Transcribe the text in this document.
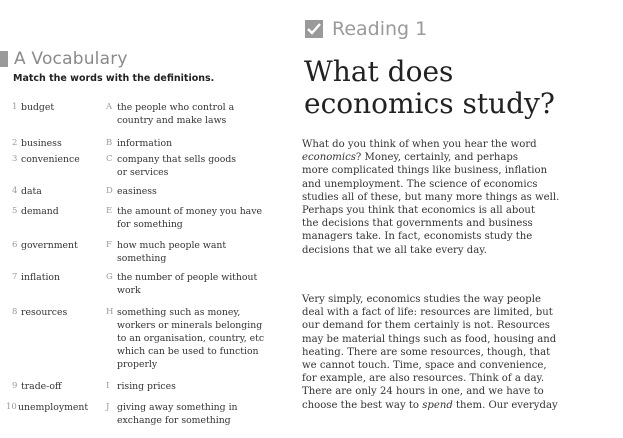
A Vocabulary
Match the words with the definitions.
1 budget	A the people who control a
country and make laws
2 business	B information
3 convenience	C company that sells goods
or services
4 data	D easiness
5 demand	E the amount of money you have
for something
6 government	F how much people want
something
7 inflation	G the number of people without
work
8 resources	H something such as money,
workers or minerals belonging
to an organisation, country, etc
which can be used to function
properly
9 trade-off	I rising prices
10 unemployment J giving away something in
exchange for something
Reading 1
What does
economics study?

What do you think of when you hear the word
economics? Money, certainly, and perhaps
more complicated things like business, inflation
and unemployment. The science of economics
studies all of these, but many more things as well.
Perhaps you think that economics is all about
the decisions that governments and business
managers take. In fact, economists study the
decisions that we all take every day.

Very simply, economics studies the way people
deal with a fact of life: resources are limited, but
our demand for them certainly is not. Resources
may be material things such as food, housing and
heating. There are some resources, though, that
we cannot touch. Time, space and convenience,
for example, are also resources. Think of a day.
There are only 24 hours in one, and we have to
choose the best way to spend them. Our everyday
